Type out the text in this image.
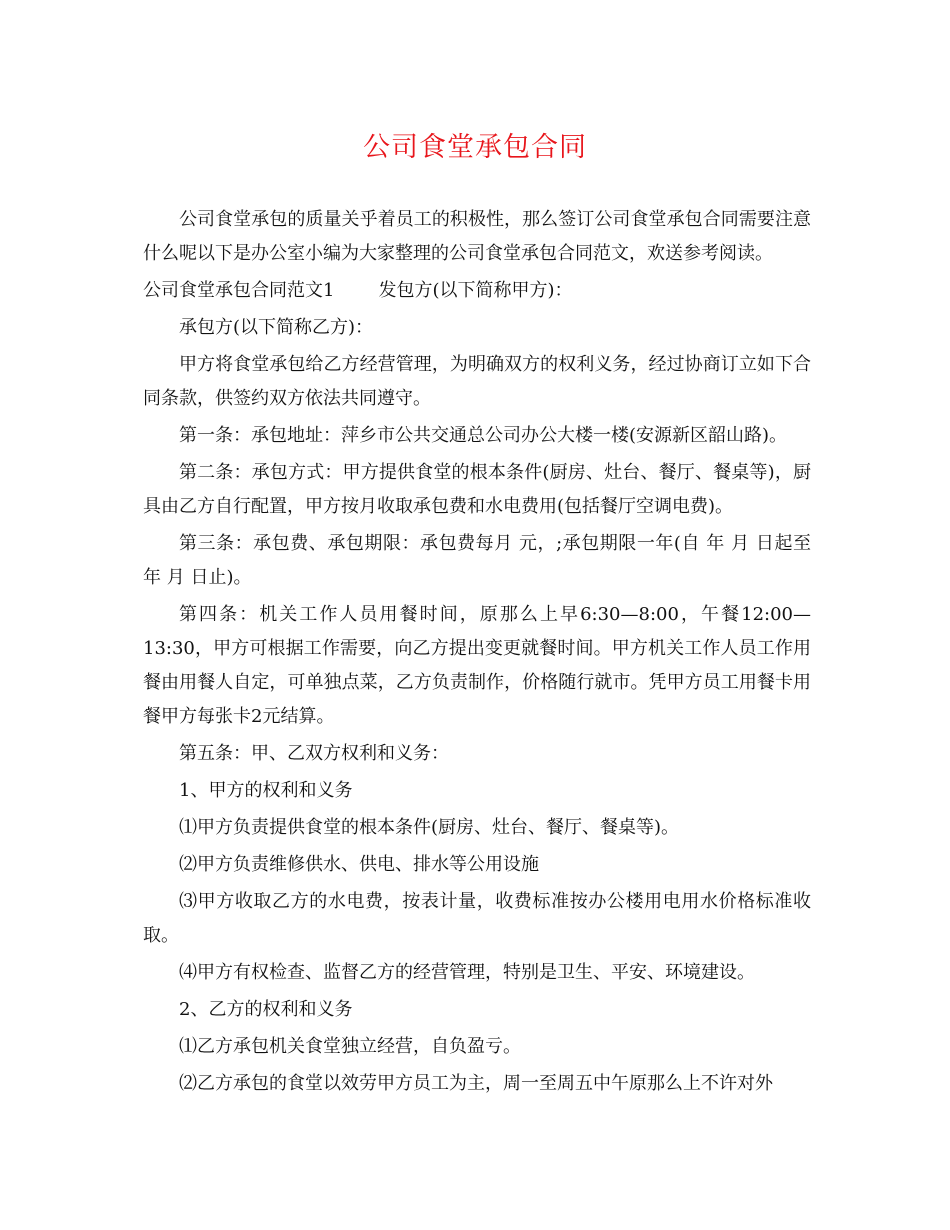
公司食堂承包合同

公司食堂承包的质量关乎着员工的积极性，那么签订公司食堂承包合同需要注意什么呢以下是办公室小编为大家整理的公司食堂承包合同范文，欢送参考阅读。

公司食堂承包合同范文1 发包方(以下简称甲方)：

承包方(以下简称乙方)：

甲方将食堂承包给乙方经营管理，为明确双方的权利义务，经过协商订立如下合同条款，供签约双方依法共同遵守。

第一条：承包地址：萍乡市公共交通总公司办公大楼一楼(安源新区韶山路)。

第二条：承包方式：甲方提供食堂的根本条件(厨房、灶台、餐厅、餐桌等)，厨具由乙方自行配置，甲方按月收取承包费和水电费用(包括餐厅空调电费)。

第三条：承包费、承包期限：承包费每月 元，;承包期限一年(自 年 月 日起至 年 月 日止)。

第四条：机关工作人员用餐时间，原那么上早6:30—8:00，午餐12:00—13:30，甲方可根据工作需要，向乙方提出变更就餐时间。甲方机关工作人员工作用餐由用餐人自定，可单独点菜，乙方负责制作，价格随行就市。凭甲方员工用餐卡用餐甲方每张卡2元结算。

第五条：甲、乙双方权利和义务：

1、甲方的权利和义务

⑴甲方负责提供食堂的根本条件(厨房、灶台、餐厅、餐桌等)。

⑵甲方负责维修供水、供电、排水等公用设施

⑶甲方收取乙方的水电费，按表计量，收费标准按办公楼用电用水价格标准收取。

⑷甲方有权检查、监督乙方的经营管理，特别是卫生、平安、环境建设。

2、乙方的权利和义务

⑴乙方承包机关食堂独立经营，自负盈亏。

⑵乙方承包的食堂以效劳甲方员工为主，周一至周五中午原那么上不许对外
